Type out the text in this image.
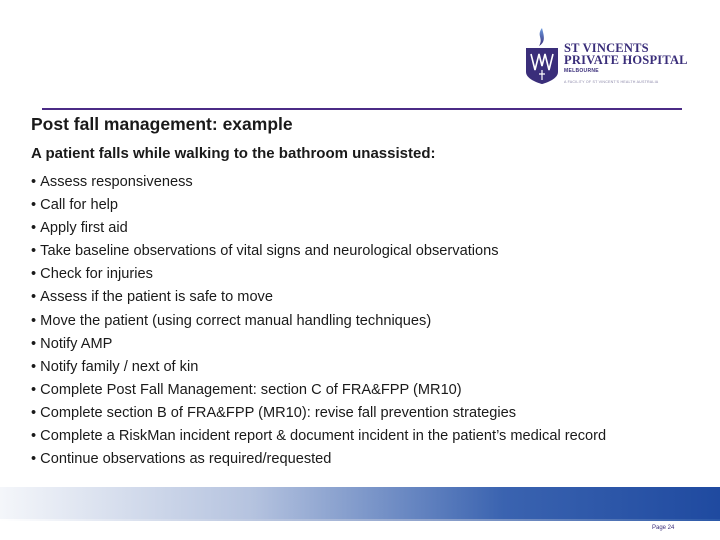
ST VINCENTS
PRIVATE HOSPITAL
MELBOURNE
A FACILITY OF ST VINCENT'S HEALTH AUSTRALIA
Post fall management: example
A patient falls while walking to the bathroom unassisted:
• Assess responsiveness
• Call for help
• Apply first aid
• Take baseline observations of vital signs and neurological observations
• Check for injuries
• Assess if the patient is safe to move
• Move the patient (using correct manual handling techniques)
• Notify AMP
• Notify family / next of kin
• Complete Post Fall Management: section C of FRA&FPP (MR10)
• Complete section B of FRA&FPP (MR10): revise fall prevention strategies
• Complete a RiskMan incident report & document incident in the patient’s medical record
• Continue observations as required/requested
Page 24
